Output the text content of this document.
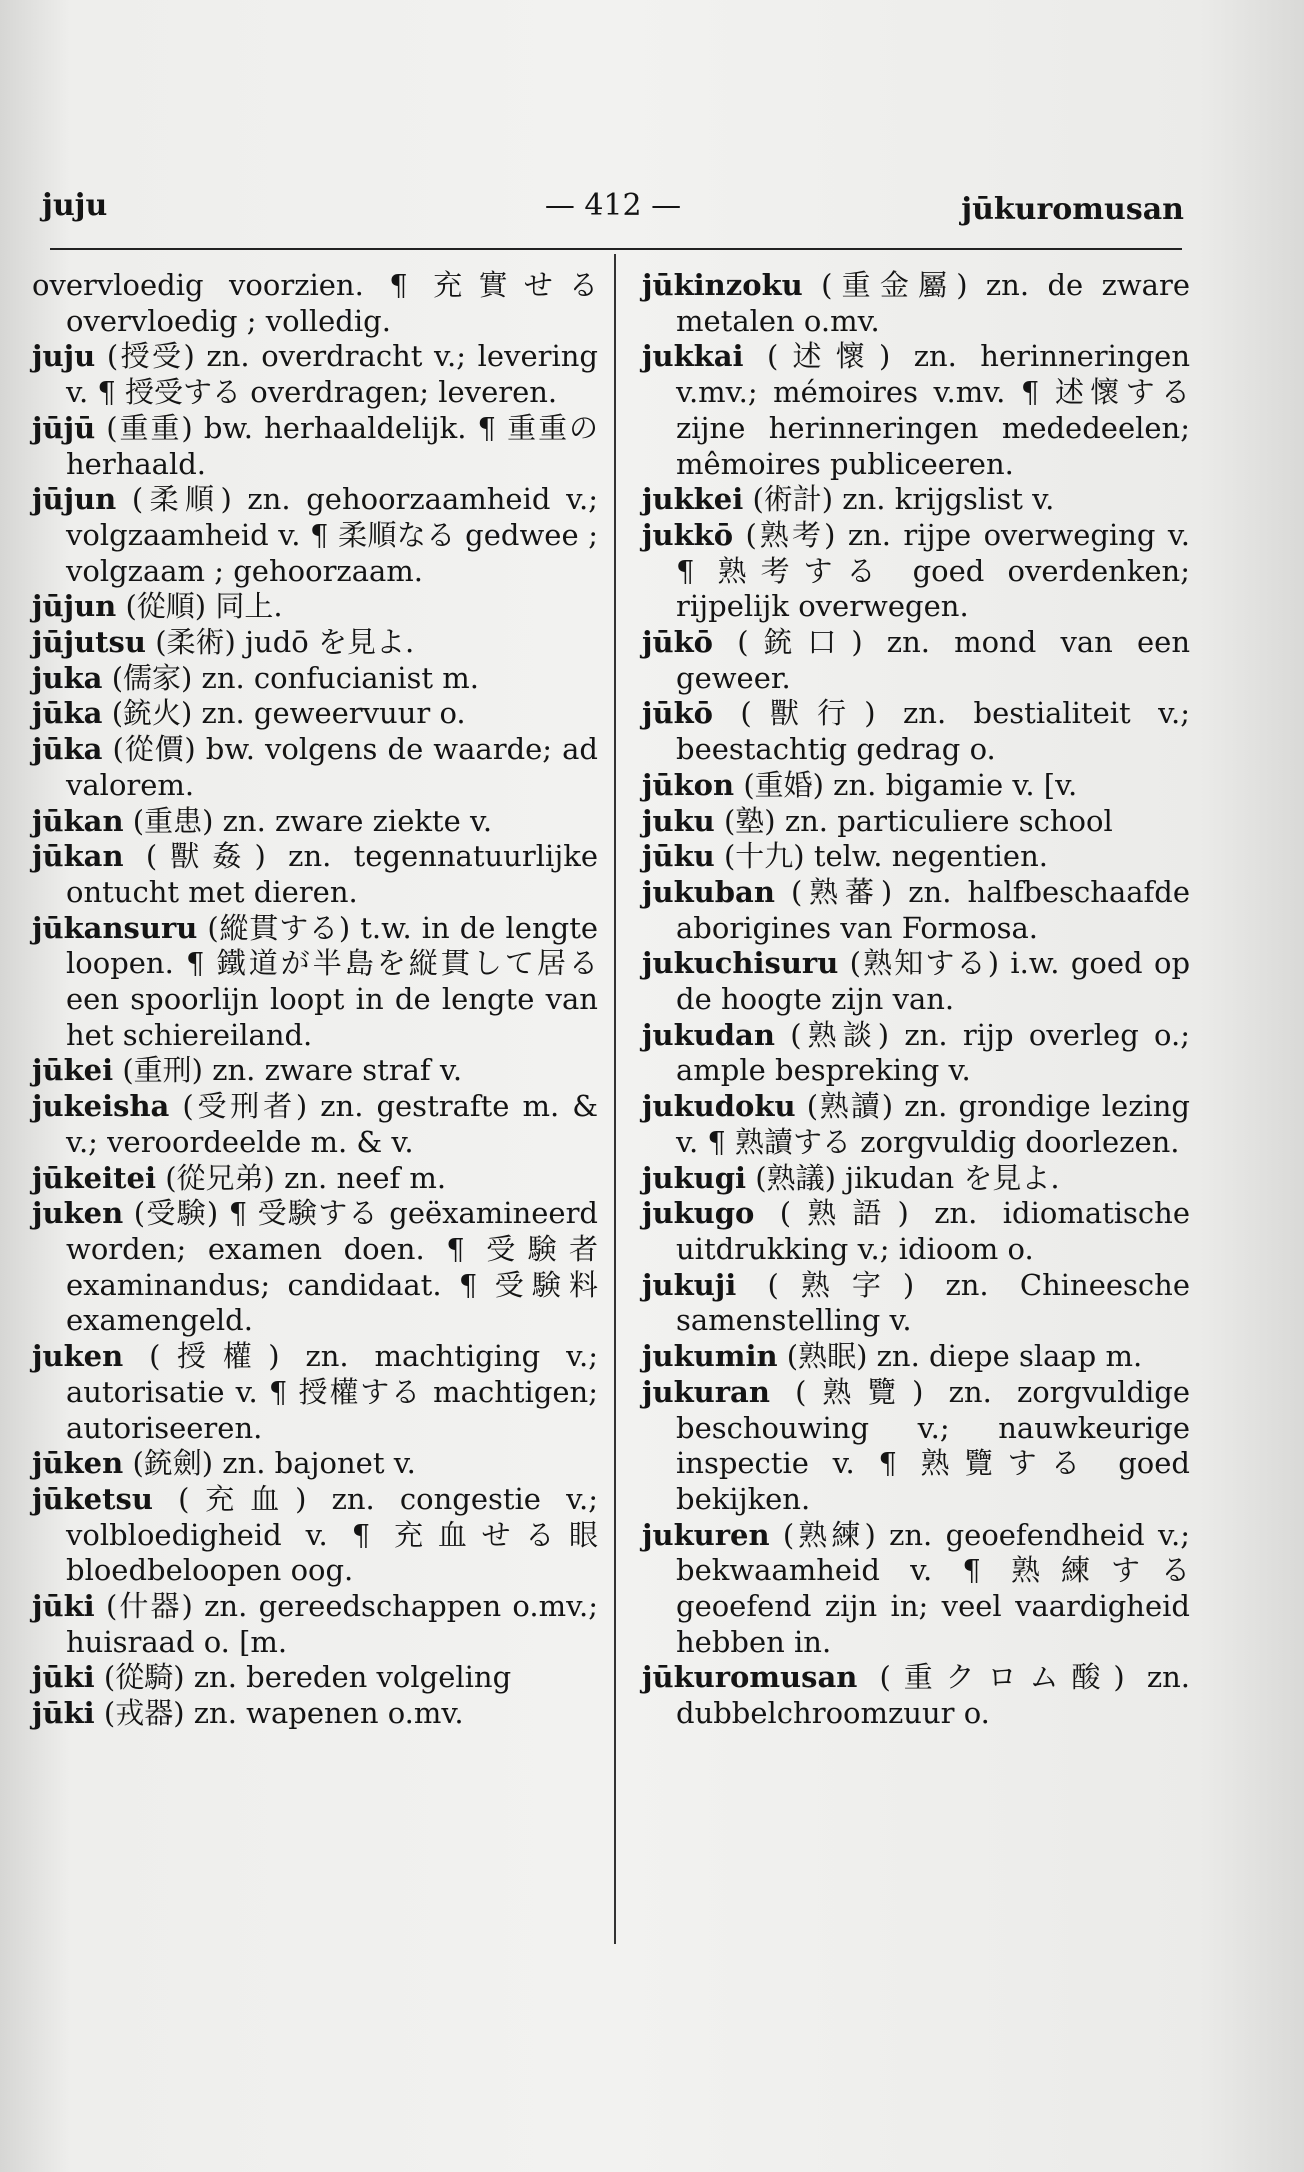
juju	— 412 —	jūkuromusan

overvloedig voorzien. ¶ 充實せる overvloedig ; volledig.

juju (授受) zn. overdracht v.; levering v. ¶ 授受する overdragen; leveren.

jūjū (重重) bw. herhaaldelijk. ¶ 重重の herhaald.

jūjun (柔順) zn. gehoorzaamheid v.; volgzaamheid v. ¶ 柔順なる gedwee ; volgzaam ; gehoorzaam.

jūjun (從順) 同上.

jūjutsu (柔術) judō を見よ.

juka (儒家) zn. confucianist m.

jūka (銃火) zn. geweervuur o.

jūka (從價) bw. volgens de waarde; ad valorem.

jūkan (重患) zn. zware ziekte v.

jūkan (獸姦) zn. tegennatuurlijke ontucht met dieren.

jūkansuru (縱貫する) t.w. in de lengte loopen. ¶ 鐵道が半島を縦貫して居る een spoorlijn loopt in de lengte van het schiereiland.

jūkei (重刑) zn. zware straf v.

jukeisha (受刑者) zn. gestrafte m. & v.; veroordeelde m. & v.

jūkeitei (從兄弟) zn. neef m.

juken (受験) ¶ 受験する geëxamineerd worden; examen doen. ¶ 受験者 examinandus; candidaat. ¶ 受験料 examengeld.

juken (授權) zn. machtiging v.; autorisatie v. ¶ 授權する machtigen; autoriseeren.

jūken (銃劍) zn. bajonet v.

jūketsu (充血) zn. congestie v.; volbloedigheid v. ¶ 充血せる眼 bloedbeloopen oog.

jūki (什器) zn. gereedschappen o.mv.; huisraad o. [m.

jūki (從騎) zn. bereden volgeling

jūki (戎器) zn. wapenen o.mv.

jūkinzoku (重金屬) zn. de zware metalen o.mv.

jukkai (述懷) zn. herinneringen v.mv.; mémoires v.mv. ¶ 述懷する zijne herinneringen mededeelen; mêmoires publiceeren.

jukkei (術計) zn. krijgslist v.

jukkō (熟考) zn. rijpe overweging v. ¶ 熟考する goed overdenken; rijpelijk overwegen.

jūkō (銃口) zn. mond van een geweer.

jūkō (獸行) zn. bestialiteit v.; beestachtig gedrag o.

jūkon (重婚) zn. bigamie v. [v.

juku (塾) zn. particuliere school

jūku (十九) telw. negentien.

jukuban (熟蕃) zn. halfbeschaafde aborigines van Formosa.

jukuchisuru (熟知する) i.w. goed op de hoogte zijn van.

jukudan (熟談) zn. rijp overleg o.; ample bespreking v.

jukudoku (熟讀) zn. grondige lezing v. ¶ 熟讀する zorgvuldig doorlezen.

jukugi (熟議) jikudan を見よ.

jukugo (熟語) zn. idiomatische uitdrukking v.; idioom o.

jukuji (熟字) zn. Chineesche samenstelling v.

jukumin (熟眠) zn. diepe slaap m.

jukuran (熟覽) zn. zorgvuldige beschouwing v.; nauwkeurige inspectie v. ¶ 熟覽する goed bekijken.

jukuren (熟練) zn. geoefendheid v.; bekwaamheid v. ¶ 熟練する geoefend zijn in; veel vaardigheid hebben in.

jūkuromusan (重クロム酸) zn. dubbelchroomzuur o.
